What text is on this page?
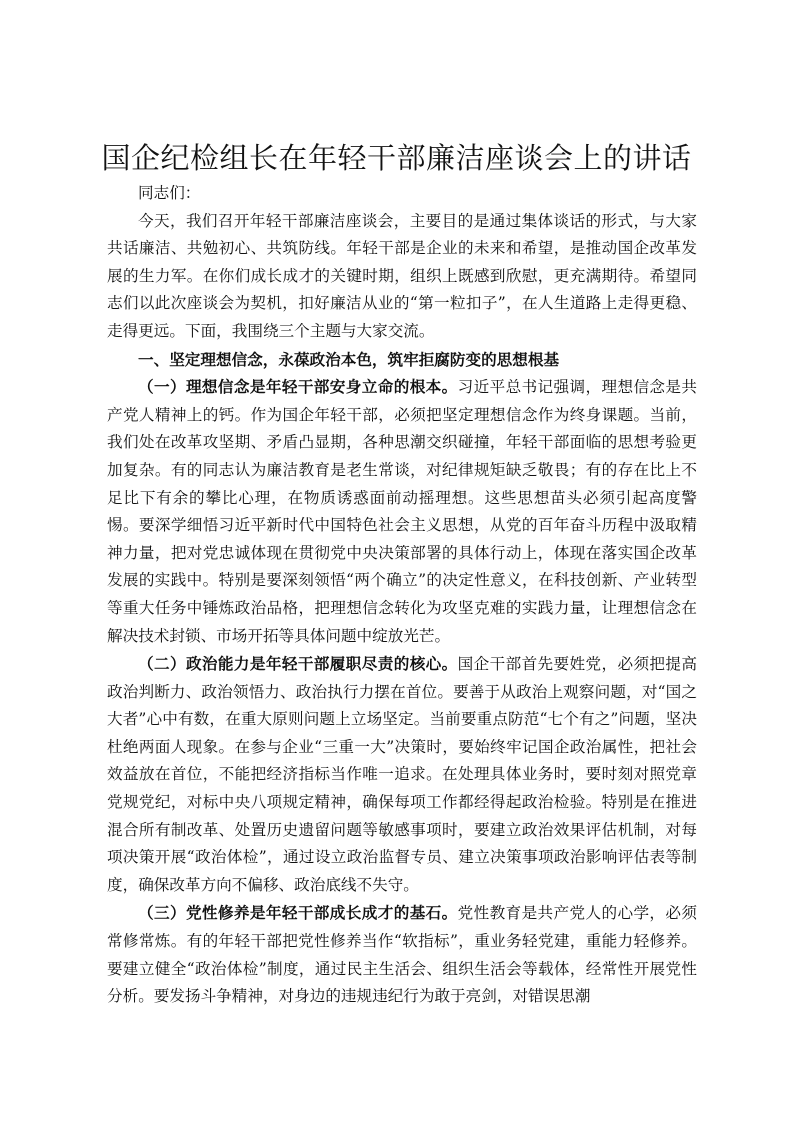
国企纪检组长在年轻干部廉洁座谈会上的讲话

同志们：

今天，我们召开年轻干部廉洁座谈会，主要目的是通过集体谈话的形式，与大家共话廉洁、共勉初心、共筑防线。年轻干部是企业的未来和希望，是推动国企改革发展的生力军。在你们成长成才的关键时期，组织上既感到欣慰，更充满期待。希望同志们以此次座谈会为契机，扣好廉洁从业的“第一粒扣子”，在人生道路上走得更稳、走得更远。下面，我围绕三个主题与大家交流。

一、坚定理想信念，永葆政治本色，筑牢拒腐防变的思想根基

（一）理想信念是年轻干部安身立命的根本。习近平总书记强调，理想信念是共产党人精神上的钙。作为国企年轻干部，必须把坚定理想信念作为终身课题。当前，我们处在改革攻坚期、矛盾凸显期，各种思潮交织碰撞，年轻干部面临的思想考验更加复杂。有的同志认为廉洁教育是老生常谈，对纪律规矩缺乏敬畏；有的存在比上不足比下有余的攀比心理，在物质诱惑面前动摇理想。这些思想苗头必须引起高度警惕。要深学细悟习近平新时代中国特色社会主义思想，从党的百年奋斗历程中汲取精神力量，把对党忠诚体现在贯彻党中央决策部署的具体行动上，体现在落实国企改革发展的实践中。特别是要深刻领悟“两个确立”的决定性意义，在科技创新、产业转型等重大任务中锤炼政治品格，把理想信念转化为攻坚克难的实践力量，让理想信念在解决技术封锁、市场开拓等具体问题中绽放光芒。

（二）政治能力是年轻干部履职尽责的核心。国企干部首先要姓党，必须把提高政治判断力、政治领悟力、政治执行力摆在首位。要善于从政治上观察问题，对“国之大者”心中有数，在重大原则问题上立场坚定。当前要重点防范“七个有之”问题，坚决杜绝两面人现象。在参与企业“三重一大”决策时，要始终牢记国企政治属性，把社会效益放在首位，不能把经济指标当作唯一追求。在处理具体业务时，要时刻对照党章党规党纪，对标中央八项规定精神，确保每项工作都经得起政治检验。特别是在推进混合所有制改革、处置历史遗留问题等敏感事项时，要建立政治效果评估机制，对每项决策开展“政治体检”，通过设立政治监督专员、建立决策事项政治影响评估表等制度，确保改革方向不偏移、政治底线不失守。

（三）党性修养是年轻干部成长成才的基石。党性教育是共产党人的心学，必须常修常炼。有的年轻干部把党性修养当作“软指标”，重业务轻党建，重能力轻修养。要建立健全“政治体检”制度，通过民主生活会、组织生活会等载体，经常性开展党性分析。要发扬斗争精神，对身边的违规违纪行为敢于亮剑，对错误思潮
